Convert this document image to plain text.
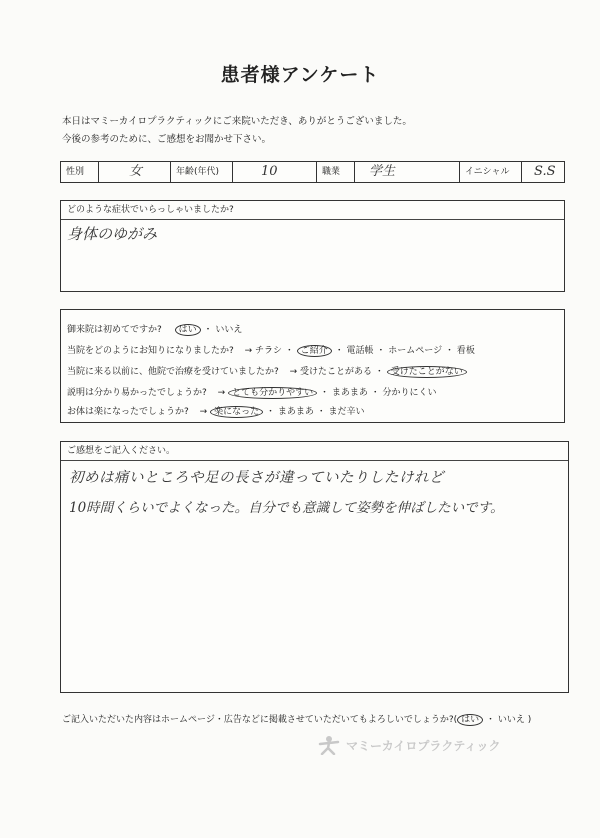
患者様アンケート
本日はマミーカイロプラクティックにご来院いただき、ありがとうございました。
今後の参考のために、ご感想をお聞かせ下さい。
性別	女	年齢(年代)	10	職業	学生	イニシャル	S.S
どのような症状でいらっしゃいましたか?
身体のゆがみ
御来院は初めてですか? はい ・ いいえ
当院をどのようにお知りになりましたか? → チラシ ・ ご紹介 ・ 電話帳 ・ ホームページ ・ 看板
当院に来る以前に、他院で治療を受けていましたか? → 受けたことがある ・ 受けたことがない
説明は分かり易かったでしょうか? → とても分かりやすい ・ まあまあ ・ 分かりにくい
お体は楽になったでしょうか? → 楽になった ・ まあまあ ・ まだ辛い
ご感想をご記入ください。
初めは痛いところや足の長さが違っていたりしたけれど
10時間くらいでよくなった。自分でも意識して姿勢を伸ばしたいです。
ご記入いただいた内容はホームページ・広告などに掲載させていただいてもよろしいでしょうか?( はい ・ いいえ )
マミーカイロプラクティック
